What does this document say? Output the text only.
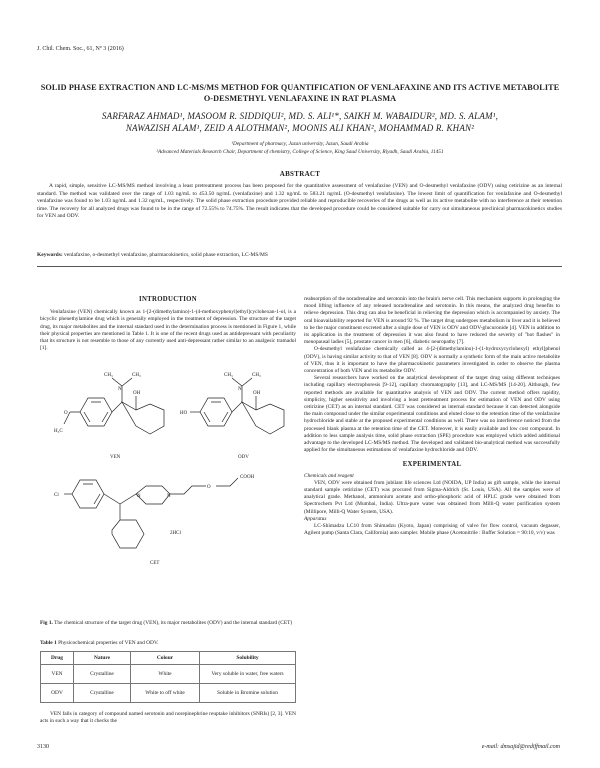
J. Chil. Chem. Soc., 61, Nº 3 (2016)
SOLID PHASE EXTRACTION AND LC-MS/MS METHOD FOR QUANTIFICATION OF VENLAFAXINE AND ITS ACTIVE METABOLITE O-DESMETHYL VENLAFAXINE IN RAT PLASMA
SARFARAZ AHMAD¹, MASOOM R. SIDDIQUI², MD. S. ALI¹*, SAIKH M. WABAIDUR², MD. S. ALAM¹,
NAWAZISH ALAM¹, ZEID A ALOTHMAN², MOONIS ALI KHAN², MOHAMMAD R. KHAN²
¹Department of pharmacy, Jazan university, Jazan, Saudi Arabia
²Advanced Materials Research Chair, Department of chemistry, College of Science, King Saud University, Riyadh, Saudi Arabia, 11451
ABSTRACT
A rapid, simple, sensitive LC-MS/MS method involving a least pretreatment process has been proposed for the quantitative assessment of venlafaxine (VEN) and O-desmethyl venlafaxine (ODV) using cetirizine as an internal standard. The method was validated over the range of 1.03 ng/mL to 453.50 ng/mL (venlafaxine) and 1.32 ng/mL to 583.21 ng/mL (O-desmethyl venlafaxine). The lowest limit of quantification for venlafaxine and O-desmethyl venlafaxine was found to be 1.03 ng/mL and 1.32 ng/mL, respectively. The solid phase extraction procedure provided reliable and reproducible recoveries of the drugs as well as its active metabolite with no interference at their retention time. The recovery for all analyzed drugs was found to be in the range of 72.55% to 74.75%. The result indicates that the developed procedure could be considered suitable for carry out simultaneous preclinical pharmacokinetics studies for VEN and ODV.
Keywords: venlafaxine, o-desmethyl venlafaxine, pharmacokinetics, solid phase extraction, LC-MS/MS
INTRODUCTION

Venlafaxine (VEN) chemically known as 1-[2-(dimethylamino)-1-(4-methoxyphenyl)ethyl]cyclohexan-1-ol, is a bicyclic phenethylamine drug which is generally employed in the treatment of depression. The structure of the target drug, its major metabolites and the internal standard used in the determination process is mentioned in Figure 1, while their physical properties are mentioned in Table 1. It is one of the recent drugs used as antidepressant with peculiarity that its structure is not resemble to those of any currently used anti-depressant rather similar to an analgesic tramadol [1].

CH₃
CH₃
N
OH
O
H₃C
CH₃
CH₃
N
OH
HO
VEN	ODV
Cl	N	N
O
COOH
2HCl
CET
Fig 1. The chemical structure of the target drug (VEN), its major metabolites (ODV) and the internal standard (CET)
Table 1 Physicochemical properties of VEN and ODV.
Drug	Nature	Colour	Solubility
VEN	Crystalline	White	Very soluble in water, free waters
ODV	Crystalline	White to off white	Soluble in Bromine solution

VEN falls in category of compound named serotonin and norepinephrine reuptake inhibitors (SNRIs) [2, 3]. VEN acts in such a way that it checks the

reabsorption of the noradrenaline and serotonin into the brain's nerve cell. This mechanism supports in prolonging the mood lifting influence of any released noradrenaline and serotonin. In this means, the analyzed drug benefits to relieve depression. This drug can also be beneficial in relieving the depression which is accompanied by anxiety. The oral bioavailability reported for VEN is around 92 %. The target drug undergoes metabolism in liver and it is believed to be the major constituent excreted after a single dose of VEN is ODV and ODV-glucuronide [4]. VEN in addition to its application in the treatment of depression it was also found to have reduced the severity of "hot flashes" in menopausal ladies [5], prostate cancer in men [6], diabetic neuropathy [7].

O-desmethyl venlafaxine chemically called as 4-[2-(dimethylamino)-1-(1-hydroxycyclohexyl) ethyl]phenol (ODV), is having similar activity to that of VEN [8]. ODV is normally a synthetic form of the main active metabolite of VEN, thus it is important to have the pharmacokinetic parameters investigated in order to observe the plasma concentration of both VEN and its metabolite ODV.

Several researchers have worked on the analytical development of the target drug using different techniques including capillary electrophoresis [9-12], capillary chromatography [13], and LC-MS/MS [14-20]. Although, few reported methods are available for quantitative analysis of VEN and ODV. The current method offers rapidity, simplicity, higher sensitivity and involving a least pretreatment process for estimation of VEN and ODV using cetirizine (CET) as an internal standard. CET was considered as internal standard because it can detected alongside the main compound under the similar experimental conditions and eluted close to the retention time of the venlafaxine hydrochloride and stable at the proposed experimental conditions as well. There was no interference noticed from the processed blank plasma at the retention time of the CET. Moreover, it is easily available and low cost compound. In addition to less sample analysis time, solid phase extraction (SPE) procedure was employed which added additional advantage to the developed LC-MS/MS method. The developed and validated bio-analytical method was successfully applied for the simultaneous estimations of venlafaxine hydrochloride and ODV.

EXPERIMENTAL

Chemicals and reagent

VEN, ODV were obtained from jubilant life sciences Ltd (NOIDA, UP India) as gift sample, while the internal standard sample cetirizine (CET) was procured from Sigma-Aldrich (St. Louis, USA). All the samples were of analytical grade. Methanol, ammonium acetate and ortho-phosphoric acid of HPLC grade were obtained from Spectrochem Pvt Ltd (Mumbai, India). Ultra-pure water was obtained from Milli-Q water purification system (Millipore, Milli-Q Water System, USA).

Apparatus

LC-Shimadzu LC10 from Shimadzu (Kyoto, Japan) comprising of valve for flow control, vacuum degasser, Agilent pump (Santa Clara, California) auto sampler. Mobile phase (Acetonitrile : Buffer Solution = 90:10, v/v) was

3130	e-mail: dmsajid@rediffmail.com
